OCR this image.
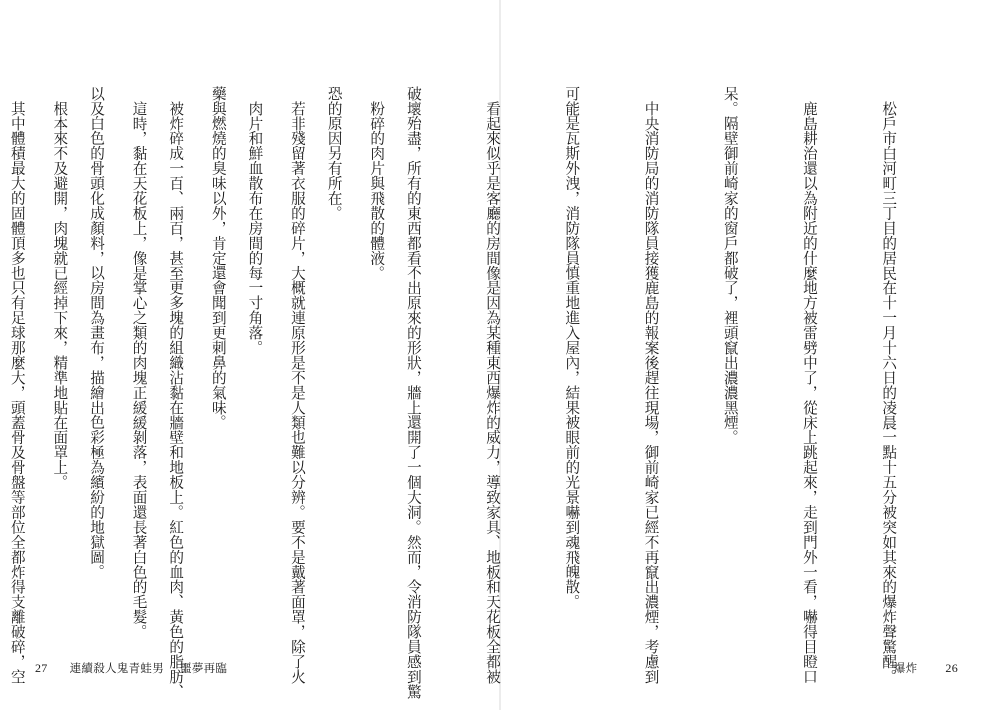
粉碎的肉片與飛散的體液。

若非殘留著衣服的碎片，大概就連原形是不是人類也難以分辨。要不是戴著面罩，除了火

藥與燃燒的臭味以外，肯定還會聞到更刺鼻的氣味。

這時，黏在天花板上，像是掌心之類的肉塊正緩緩剝落，表面還長著白色的毛髮。

根本來不及避開，肉塊就已經掉下來，精準地貼在面罩上。

27 連續殺人鬼青蛙男 噩夢再臨

	松戶市白河町三丁目的居民在十一月十六日的凌晨一點十五分被突如其來的爆炸聲驚醒。

鹿島耕治還以為附近的什麼地方被雷劈中了，從床上跳起來，走到門外一看，嚇得目瞪口

呆。隔壁御前崎家的窗戶都破了，裡頭竄出濃濃黑煙。

中央消防局的消防隊員接獲鹿島的報案後趕往現場，御前崎家已經不再竄出濃煙，考慮到

可能是瓦斯外洩，消防隊員慎重地進入屋內，結果被眼前的光景嚇到魂飛魄散。

看起來似乎是客廳的房間像是因為某種東西爆炸的威力，導致家具、地板和天花板全都被

破壞殆盡，所有的東西都看不出原來的形狀，牆上還開了一個大洞。然而，令消防隊員感到驚

恐的原因另有所在。

肉片和鮮血散布在房間的每一寸角落。

被炸碎成一百、兩百，甚至更多塊的組織沾黏在牆壁和地板上。紅色的血肉、黃色的脂肪、

以及白色的骨頭化成顏料，以房間為畫布，描繪出色彩極為繽紛的地獄圖。

其中體積最大的固體頂多也只有足球那麼大，頭蓋骨及骨盤等部位全都炸得支離破碎，空

	爆炸 26
